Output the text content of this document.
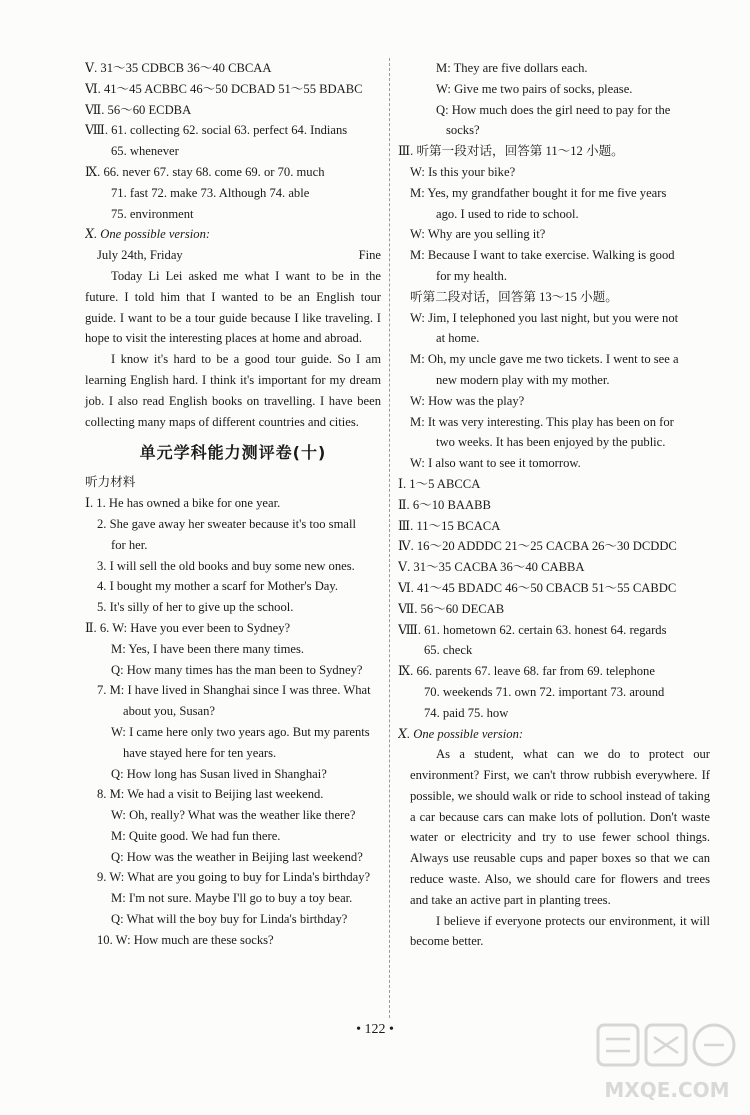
Ⅴ. 31～35 CDBCB 36～40 CBCAA
Ⅵ. 41～45 ACBBC 46～50 DCBAD 51～55 BDABC
Ⅶ. 56～60 ECDBA
Ⅷ. 61. collecting 62. social 63. perfect 64. Indians
65. whenever
Ⅸ. 66. never 67. stay 68. come 69. or 70. much
71. fast 72. make 73. Although 74. able
75. environment
Ⅹ. One possible version:
July 24th, Friday	Fine
Today Li Lei asked me what I want to be in the future. I told him that I wanted to be an English tour guide. I want to be a tour guide because I like traveling. I hope to visit the interesting places at home and abroad.
I know it's hard to be a good tour guide. So I am learning English hard. I think it's important for my dream job. I also read English books on travelling. I have been collecting many maps of different countries and cities.
单元学科能力测评卷(十)
听力材料
Ⅰ. 1. He has owned a bike for one year.
2. She gave away her sweater because it's too small
for her.
3. I will sell the old books and buy some new ones.
4. I bought my mother a scarf for Mother's Day.
5. It's silly of her to give up the school.
Ⅱ. 6. W: Have you ever been to Sydney?
M: Yes, I have been there many times.
Q: How many times has the man been to Sydney?
7. M: I have lived in Shanghai since I was three. What
about you, Susan?
W: I came here only two years ago. But my parents
have stayed here for ten years.
Q: How long has Susan lived in Shanghai?
8. M: We had a visit to Beijing last weekend.
W: Oh, really? What was the weather like there?
M: Quite good. We had fun there.
Q: How was the weather in Beijing last weekend?
9. W: What are you going to buy for Linda's birthday?
M: I'm not sure. Maybe I'll go to buy a toy bear.
Q: What will the boy buy for Linda's birthday?
10. W: How much are these socks?
M: They are five dollars each.
W: Give me two pairs of socks, please.
Q: How much does the girl need to pay for the
socks?
Ⅲ. 听第一段对话，回答第 11～12 小题。
W: Is this your bike?
M: Yes, my grandfather bought it for me five years
ago. I used to ride to school.
W: Why are you selling it?
M: Because I want to take exercise. Walking is good
for my health.
听第二段对话，回答第 13～15 小题。
W: Jim, I telephoned you last night, but you were not
at home.
M: Oh, my uncle gave me two tickets. I went to see a
new modern play with my mother.
W: How was the play?
M: It was very interesting. This play has been on for
two weeks. It has been enjoyed by the public.
W: I also want to see it tomorrow.
Ⅰ. 1～5 ABCCA
Ⅱ. 6～10 BAABB
Ⅲ. 11～15 BCACA
Ⅳ. 16～20 ADDDC 21～25 CACBA 26～30 DCDDC
Ⅴ. 31～35 CACBA 36～40 CABBA
Ⅵ. 41～45 BDADC 46～50 CBACB 51～55 CABDC
Ⅶ. 56～60 DECAB
Ⅷ. 61. hometown 62. certain 63. honest 64. regards
65. check
Ⅸ. 66. parents 67. leave 68. far from 69. telephone
70. weekends 71. own 72. important 73. around
74. paid 75. how
Ⅹ. One possible version:
As a student, what can we do to protect our environment? First, we can't throw rubbish everywhere. If possible, we should walk or ride to school instead of taking a car because cars can make lots of pollution. Don't waste water or electricity and try to use fewer school things. Always use reusable cups and paper boxes so that we can reduce waste. Also, we should care for flowers and trees and take an active part in planting trees.
I believe if everyone protects our environment, it will become better.
• 122 •
MXQE.COM
